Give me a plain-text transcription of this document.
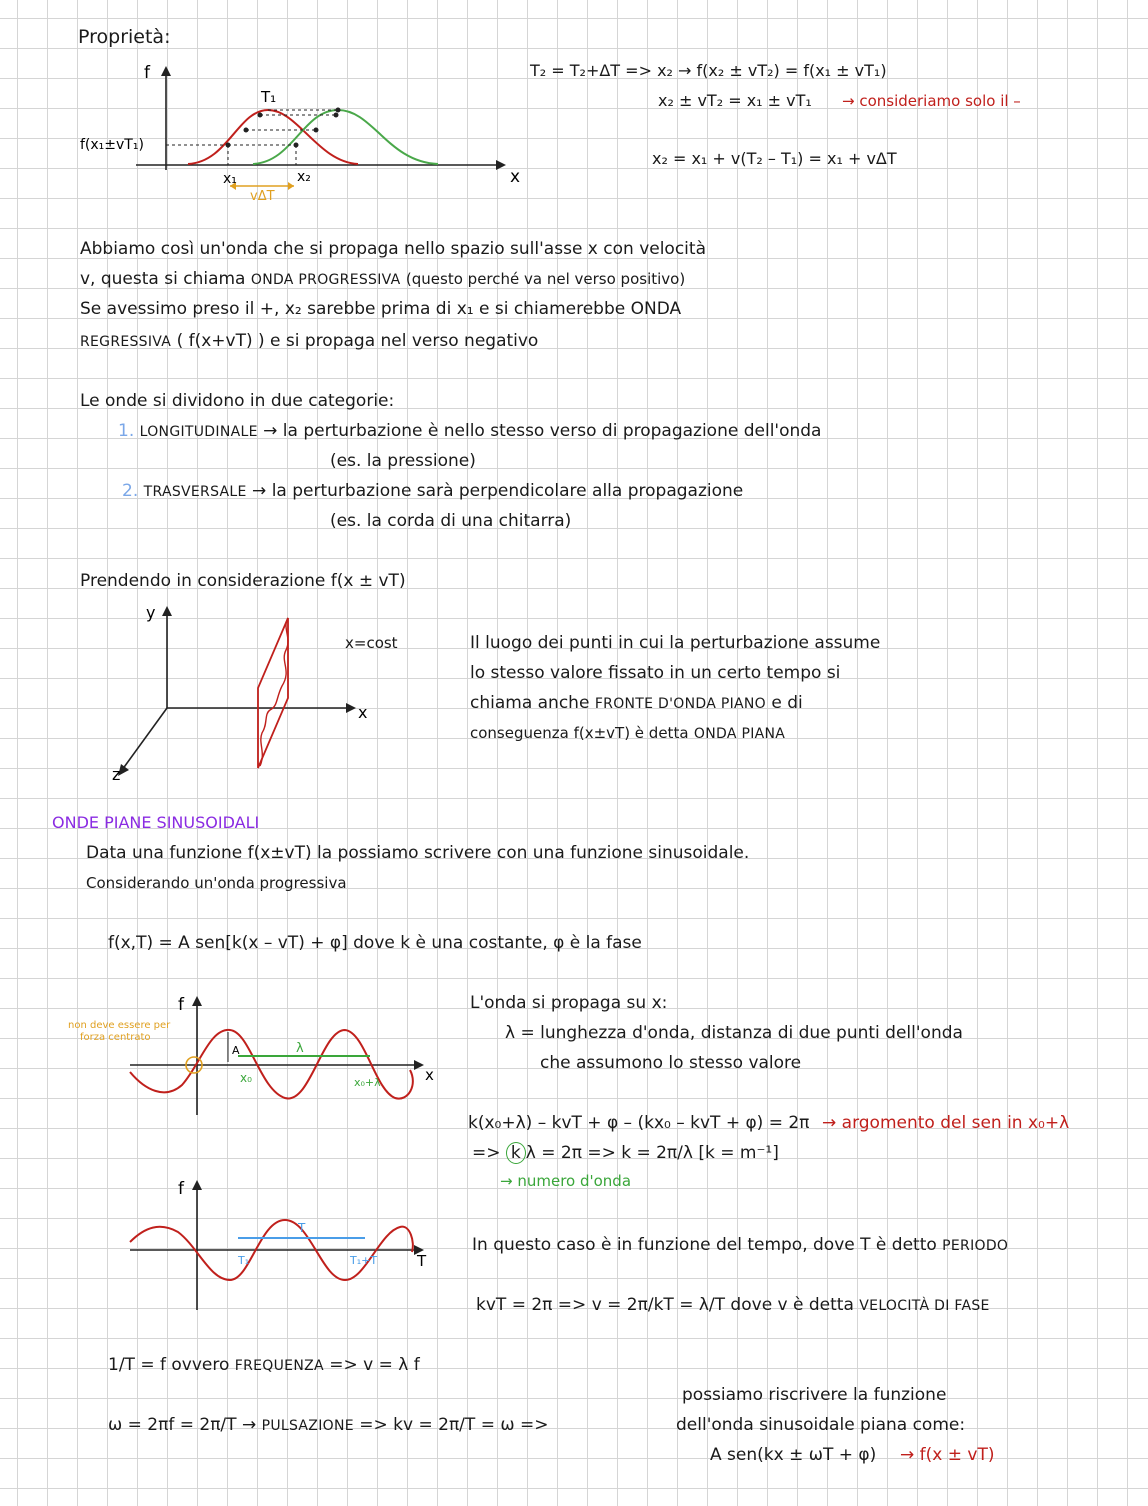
Proprietà:
f
x
T₁
f(x₁±vT₁)
x₁	x₂
vΔT
T₂ = T₂+ΔT => x₂ → f(x₂ ± vT₂) = f(x₁ ± vT₁)
x₂ ± vT₂ = x₁ ± vT₁ → consideriamo solo il –
x₂ = x₁ + v(T₂ – T₁) = x₁ + vΔT
Abbiamo così un'onda che si propaga nello spazio sull'asse x con velocità
v, questa si chiama ONDA PROGRESSIVA (questo perché va nel verso positivo)
Se avessimo preso il +, x₂ sarebbe prima di x₁ e si chiamerebbe ONDA
REGRESSIVA ( f(x+vT) ) e si propaga nel verso negativo
Le onde si dividono in due categorie:
1. LONGITUDINALE → la perturbazione è nello stesso verso di propagazione dell'onda
(es. la pressione)
2. TRASVERSALE → la perturbazione sarà perpendicolare alla propagazione
(es. la corda di una chitarra)
Prendendo in considerazione f(x ± vT)
y
x
z
x=cost	Il luogo dei punti in cui la perturbazione assume
lo stesso valore fissato in un certo tempo si
chiama anche FRONTE D'ONDA PIANO e di
conseguenza f(x±vT) è detta ONDA PIANA
ONDE PIANE SINUSOIDALI
Data una funzione f(x±vT) la possiamo scrivere con una funzione sinusoidale.
Considerando un'onda progressiva
f(x,T) = A sen[k(x – vT) + φ] dove k è una costante, φ è la fase
f
non deve essere per
forza centrato
A	λ
x₀	x₀+λ	x
L'onda si propaga su x:
λ = lunghezza d'onda, distanza di due punti dell'onda
che assumono lo stesso valore
k(x₀+λ) – kvT + φ – (kx₀ – kvT + φ) = 2π → argomento del sen in x₀+λ
=> k λ = 2π => k = 2π/λ [k = m⁻¹]
→ numero d'onda
f
T
T₁	T₁+T	T
In questo caso è in funzione del tempo, dove T è detto PERIODO
kvT = 2π => v = 2π/kT = λ/T dove v è detta VELOCITÀ DI FASE
1/T = f ovvero FREQUENZA => v = λ f
ω = 2πf = 2π/T → PULSAZIONE => kv = 2π/T = ω =>
possiamo riscrivere la funzione
dell'onda sinusoidale piana come:
A sen(kx ± ωT + φ) → f(x ± vT)
